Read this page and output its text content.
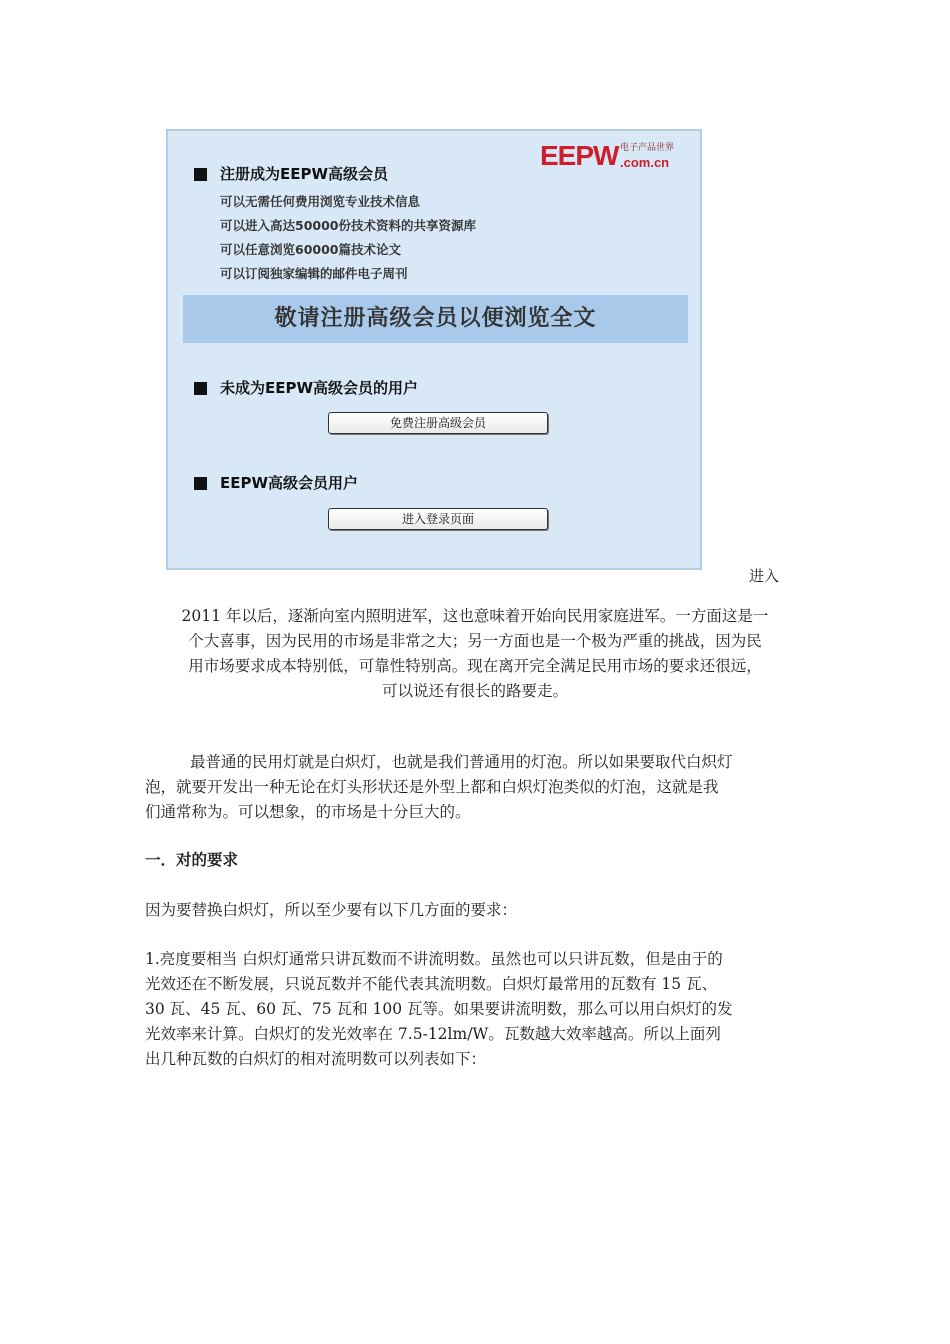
EEPW 电子产品世界
.com.cn
注册成为EEPW高级会员
可以无需任何费用浏览专业技术信息
可以进入高达50000份技术资料的共享资源库
可以任意浏览60000篇技术论文
可以订阅独家编辑的邮件电子周刊
敬请注册高级会员以便浏览全文
未成为EEPW高级会员的用户
免费注册高级会员
EEPW高级会员用户
进入登录页面
进入
2011 年以后，逐渐向室内照明进军，这也意味着开始向民用家庭进军。一方面这是一
个大喜事，因为民用的市场是非常之大；另一方面也是一个极为严重的挑战，因为民
用市场要求成本特别低，可靠性特别高。现在离开完全满足民用市场的要求还很远，
可以说还有很长的路要走。
最普通的民用灯就是白炽灯，也就是我们普通用的灯泡。所以如果要取代白炽灯
泡，就要开发出一种无论在灯头形状还是外型上都和白炽灯泡类似的灯泡，这就是我
们通常称为。可以想象，的市场是十分巨大的。
一．对的要求
因为要替换白炽灯，所以至少要有以下几方面的要求：
1.亮度要相当 白炽灯通常只讲瓦数而不讲流明数。虽然也可以只讲瓦数，但是由于的
光效还在不断发展，只说瓦数并不能代表其流明数。白炽灯最常用的瓦数有 15 瓦、
30 瓦、45 瓦、60 瓦、75 瓦和 100 瓦等。如果要讲流明数，那么可以用白炽灯的发
光效率来计算。白炽灯的发光效率在 7.5-12lm/W。瓦数越大效率越高。所以上面列
出几种瓦数的白炽灯的相对流明数可以列表如下：
